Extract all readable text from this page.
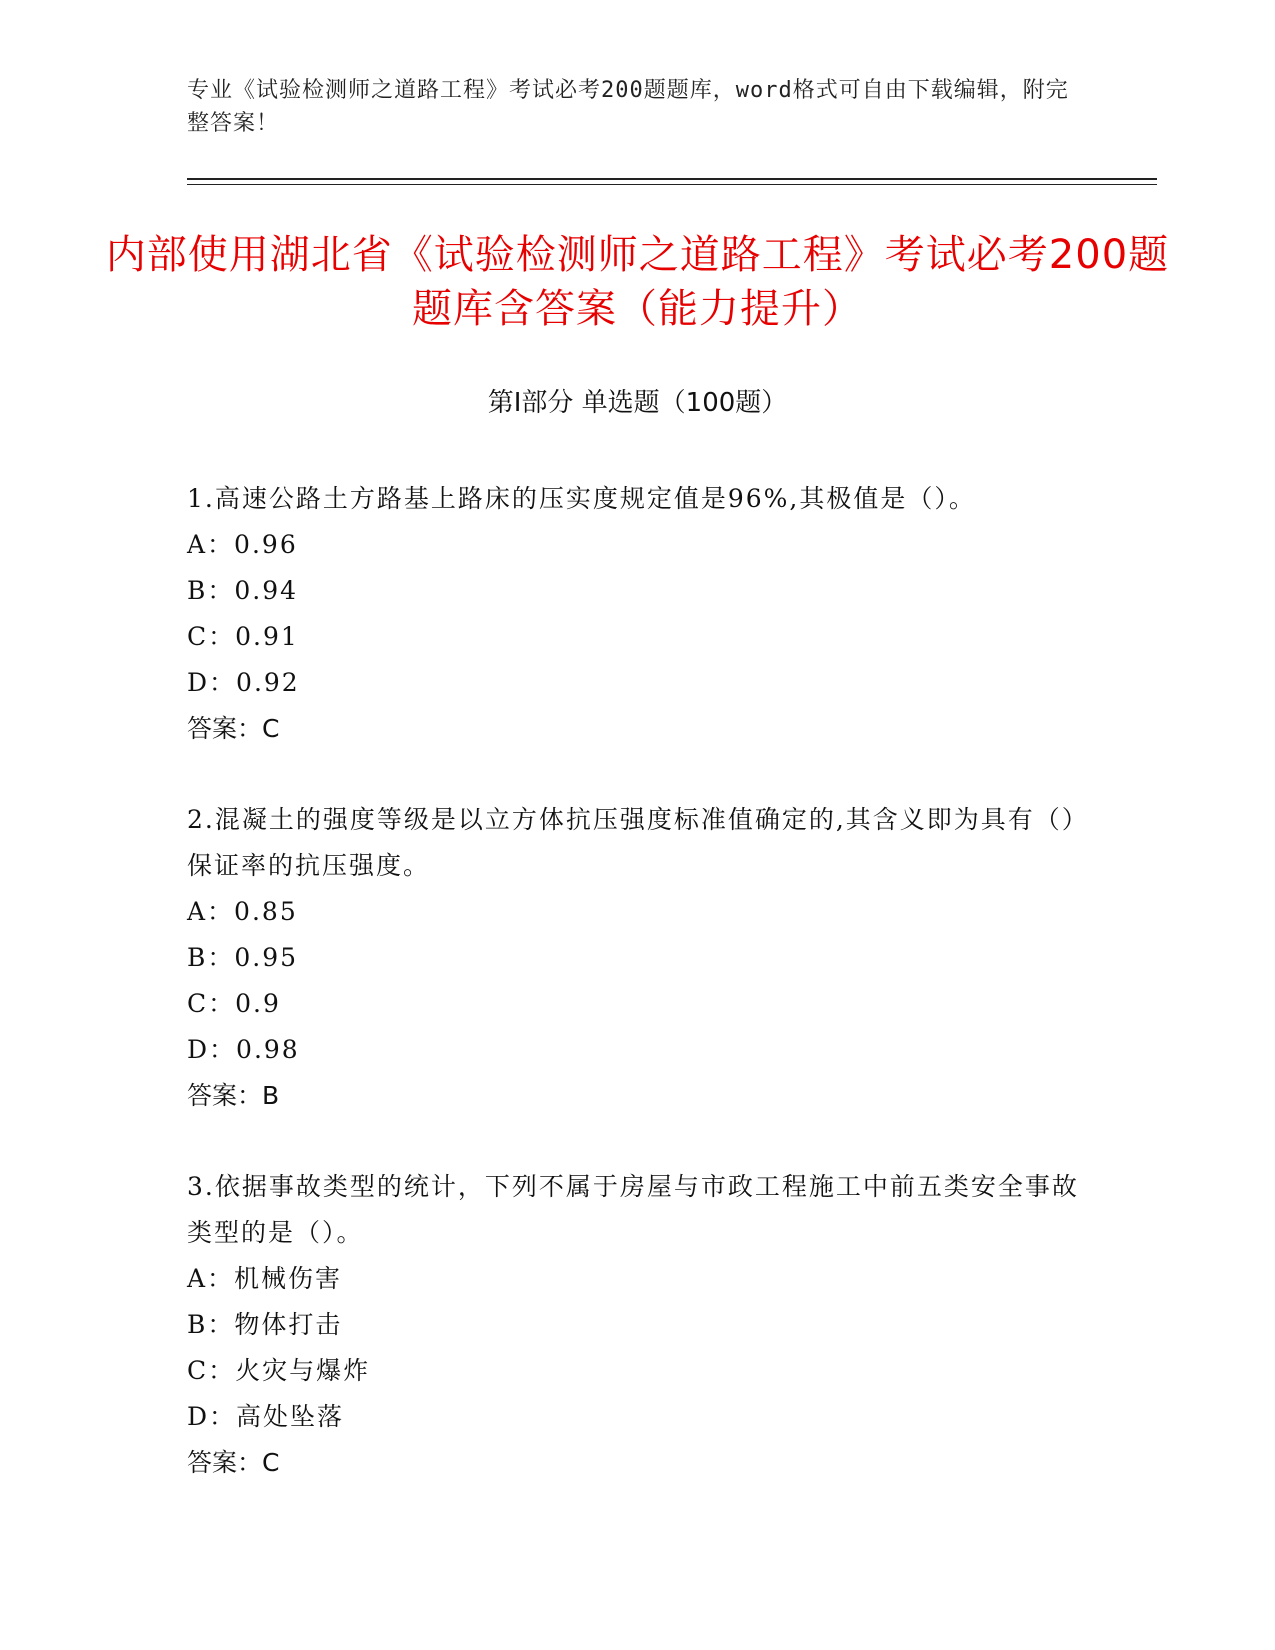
专业《试验检测师之道路工程》考试必考200题题库，word格式可自由下载编辑，附完整答案！
内部使用湖北省《试验检测师之道路工程》考试必考200题题库含答案（能力提升）
第Ⅰ部分 单选题（100题）
1.高速公路土方路基上路床的压实度规定值是96%,其极值是（）。
A：0.96
B：0.94
C：0.91
D：0.92
答案：C
2.混凝土的强度等级是以立方体抗压强度标准值确定的,其含义即为具有（）保证率的抗压强度。
A：0.85
B：0.95
C：0.9
D：0.98
答案：B
3.依据事故类型的统计，下列不属于房屋与市政工程施工中前五类安全事故类型的是（）。
A：机械伤害
B：物体打击
C：火灾与爆炸
D：高处坠落
答案：C
